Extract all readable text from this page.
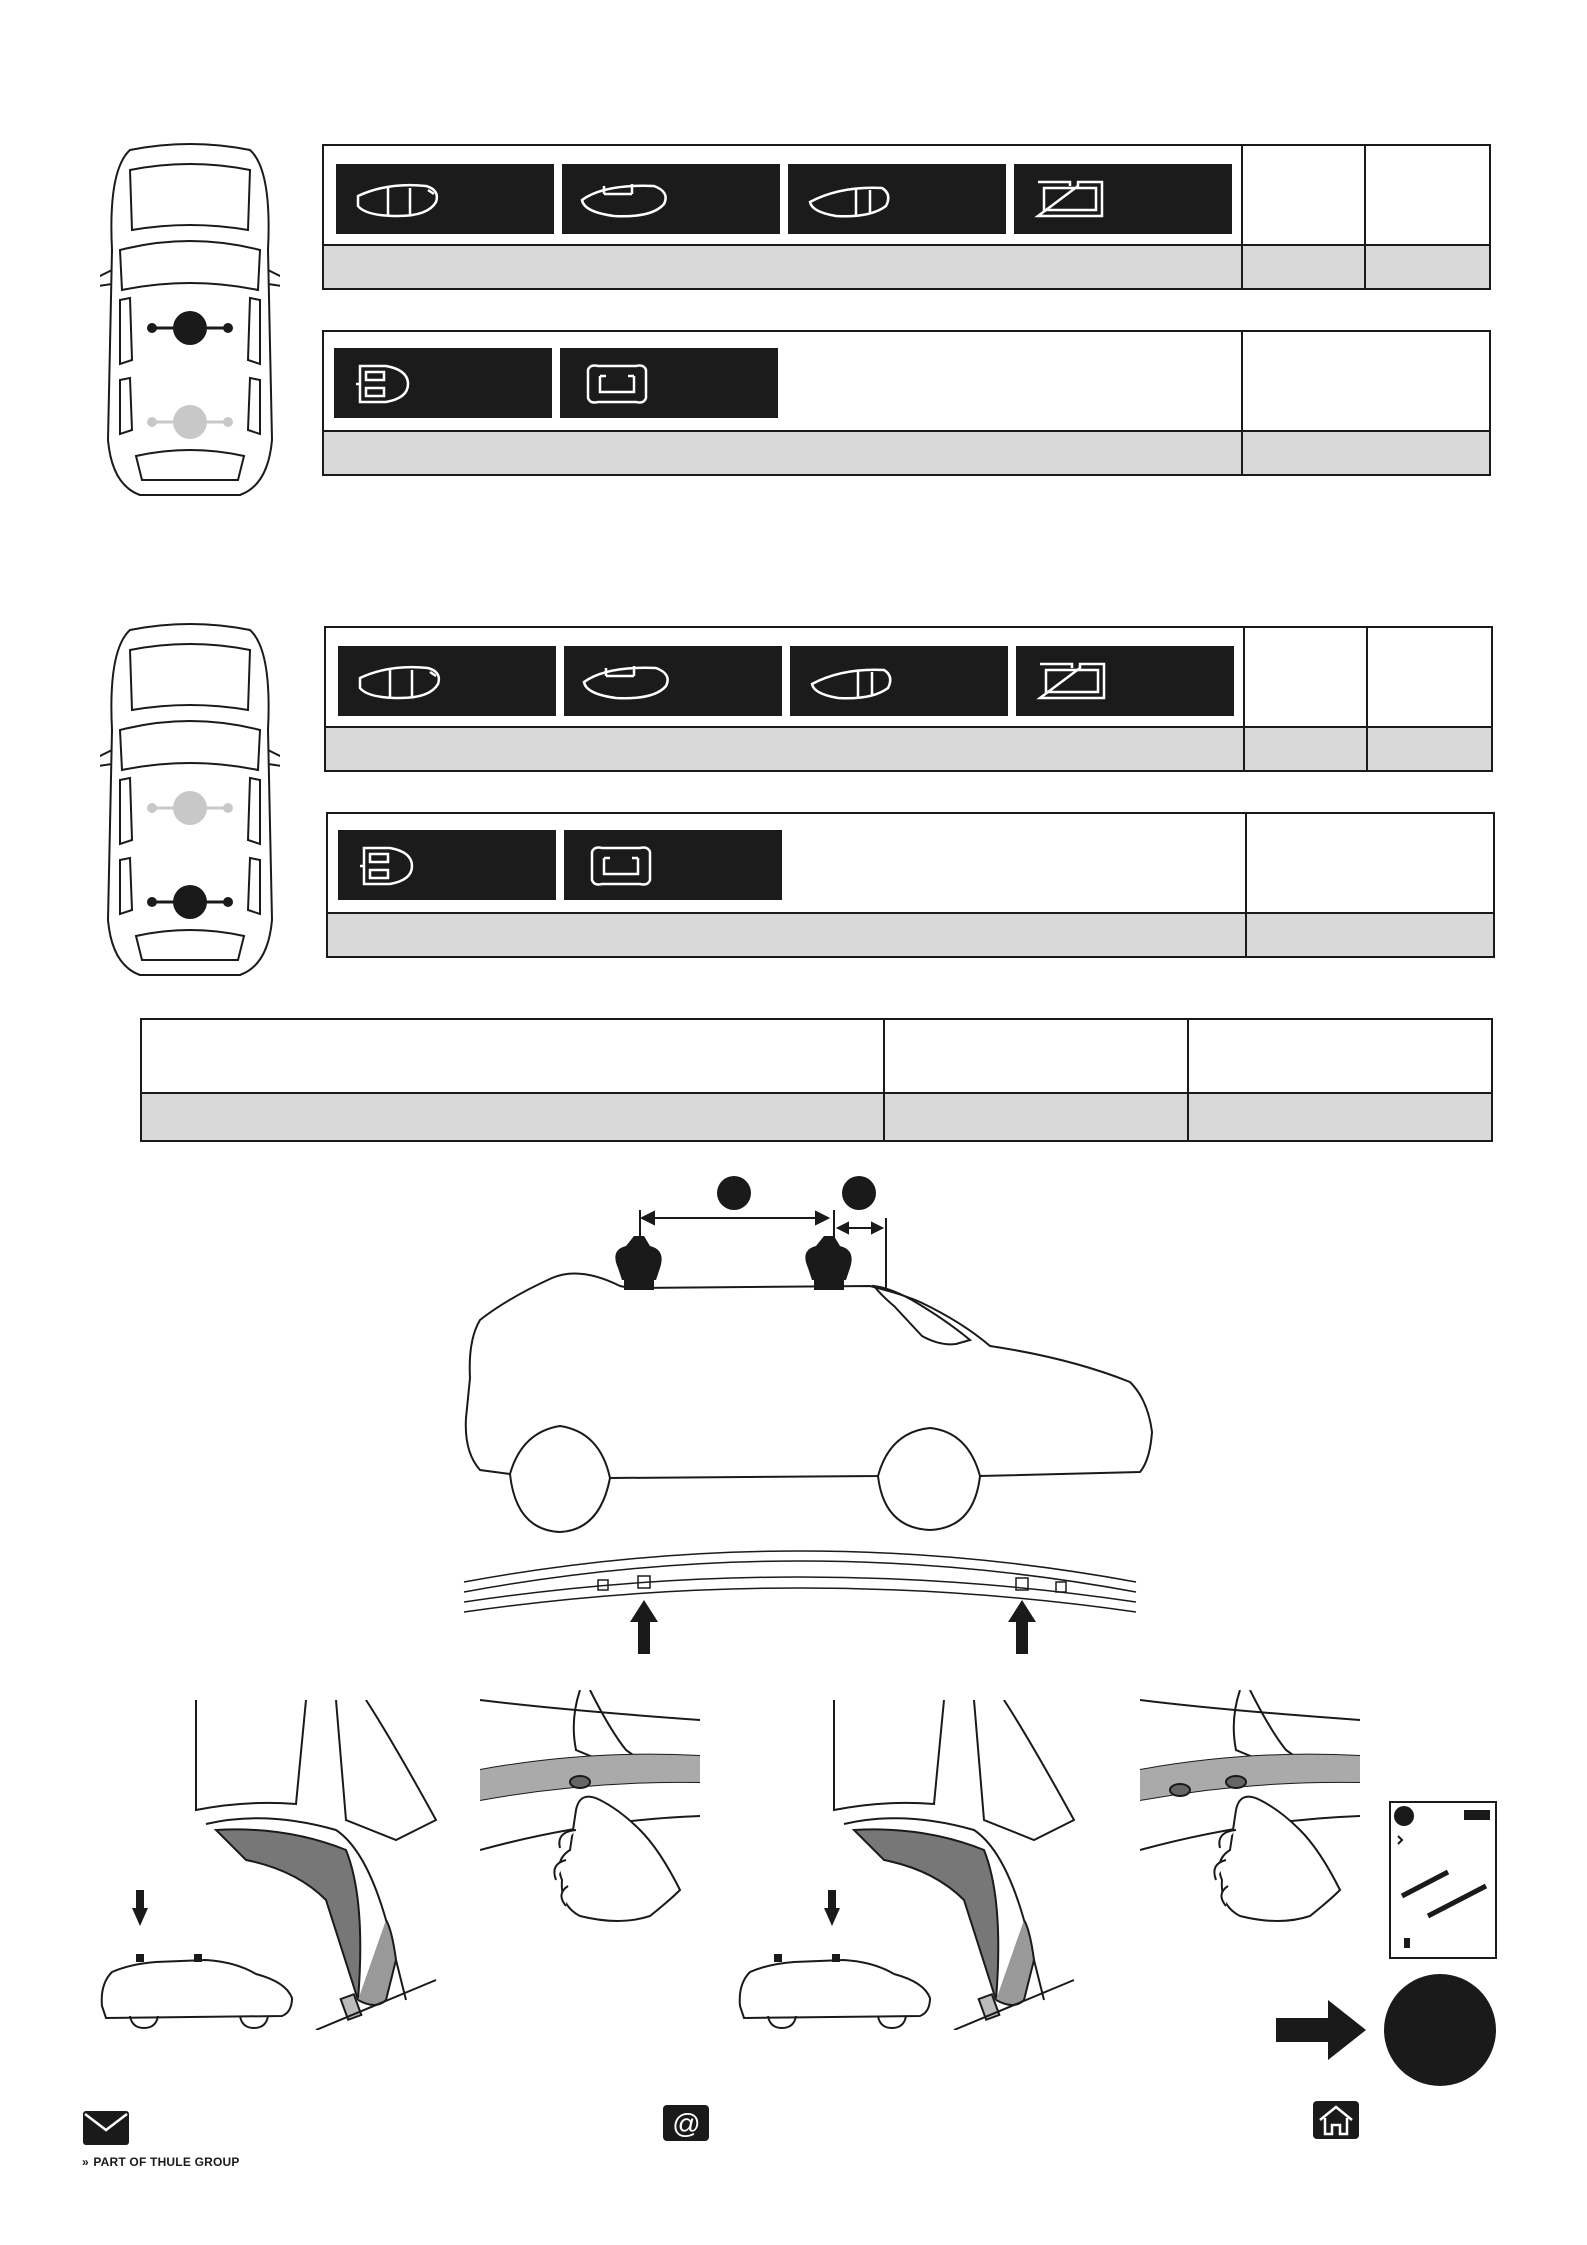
» PART OF THULE GROUP
@
